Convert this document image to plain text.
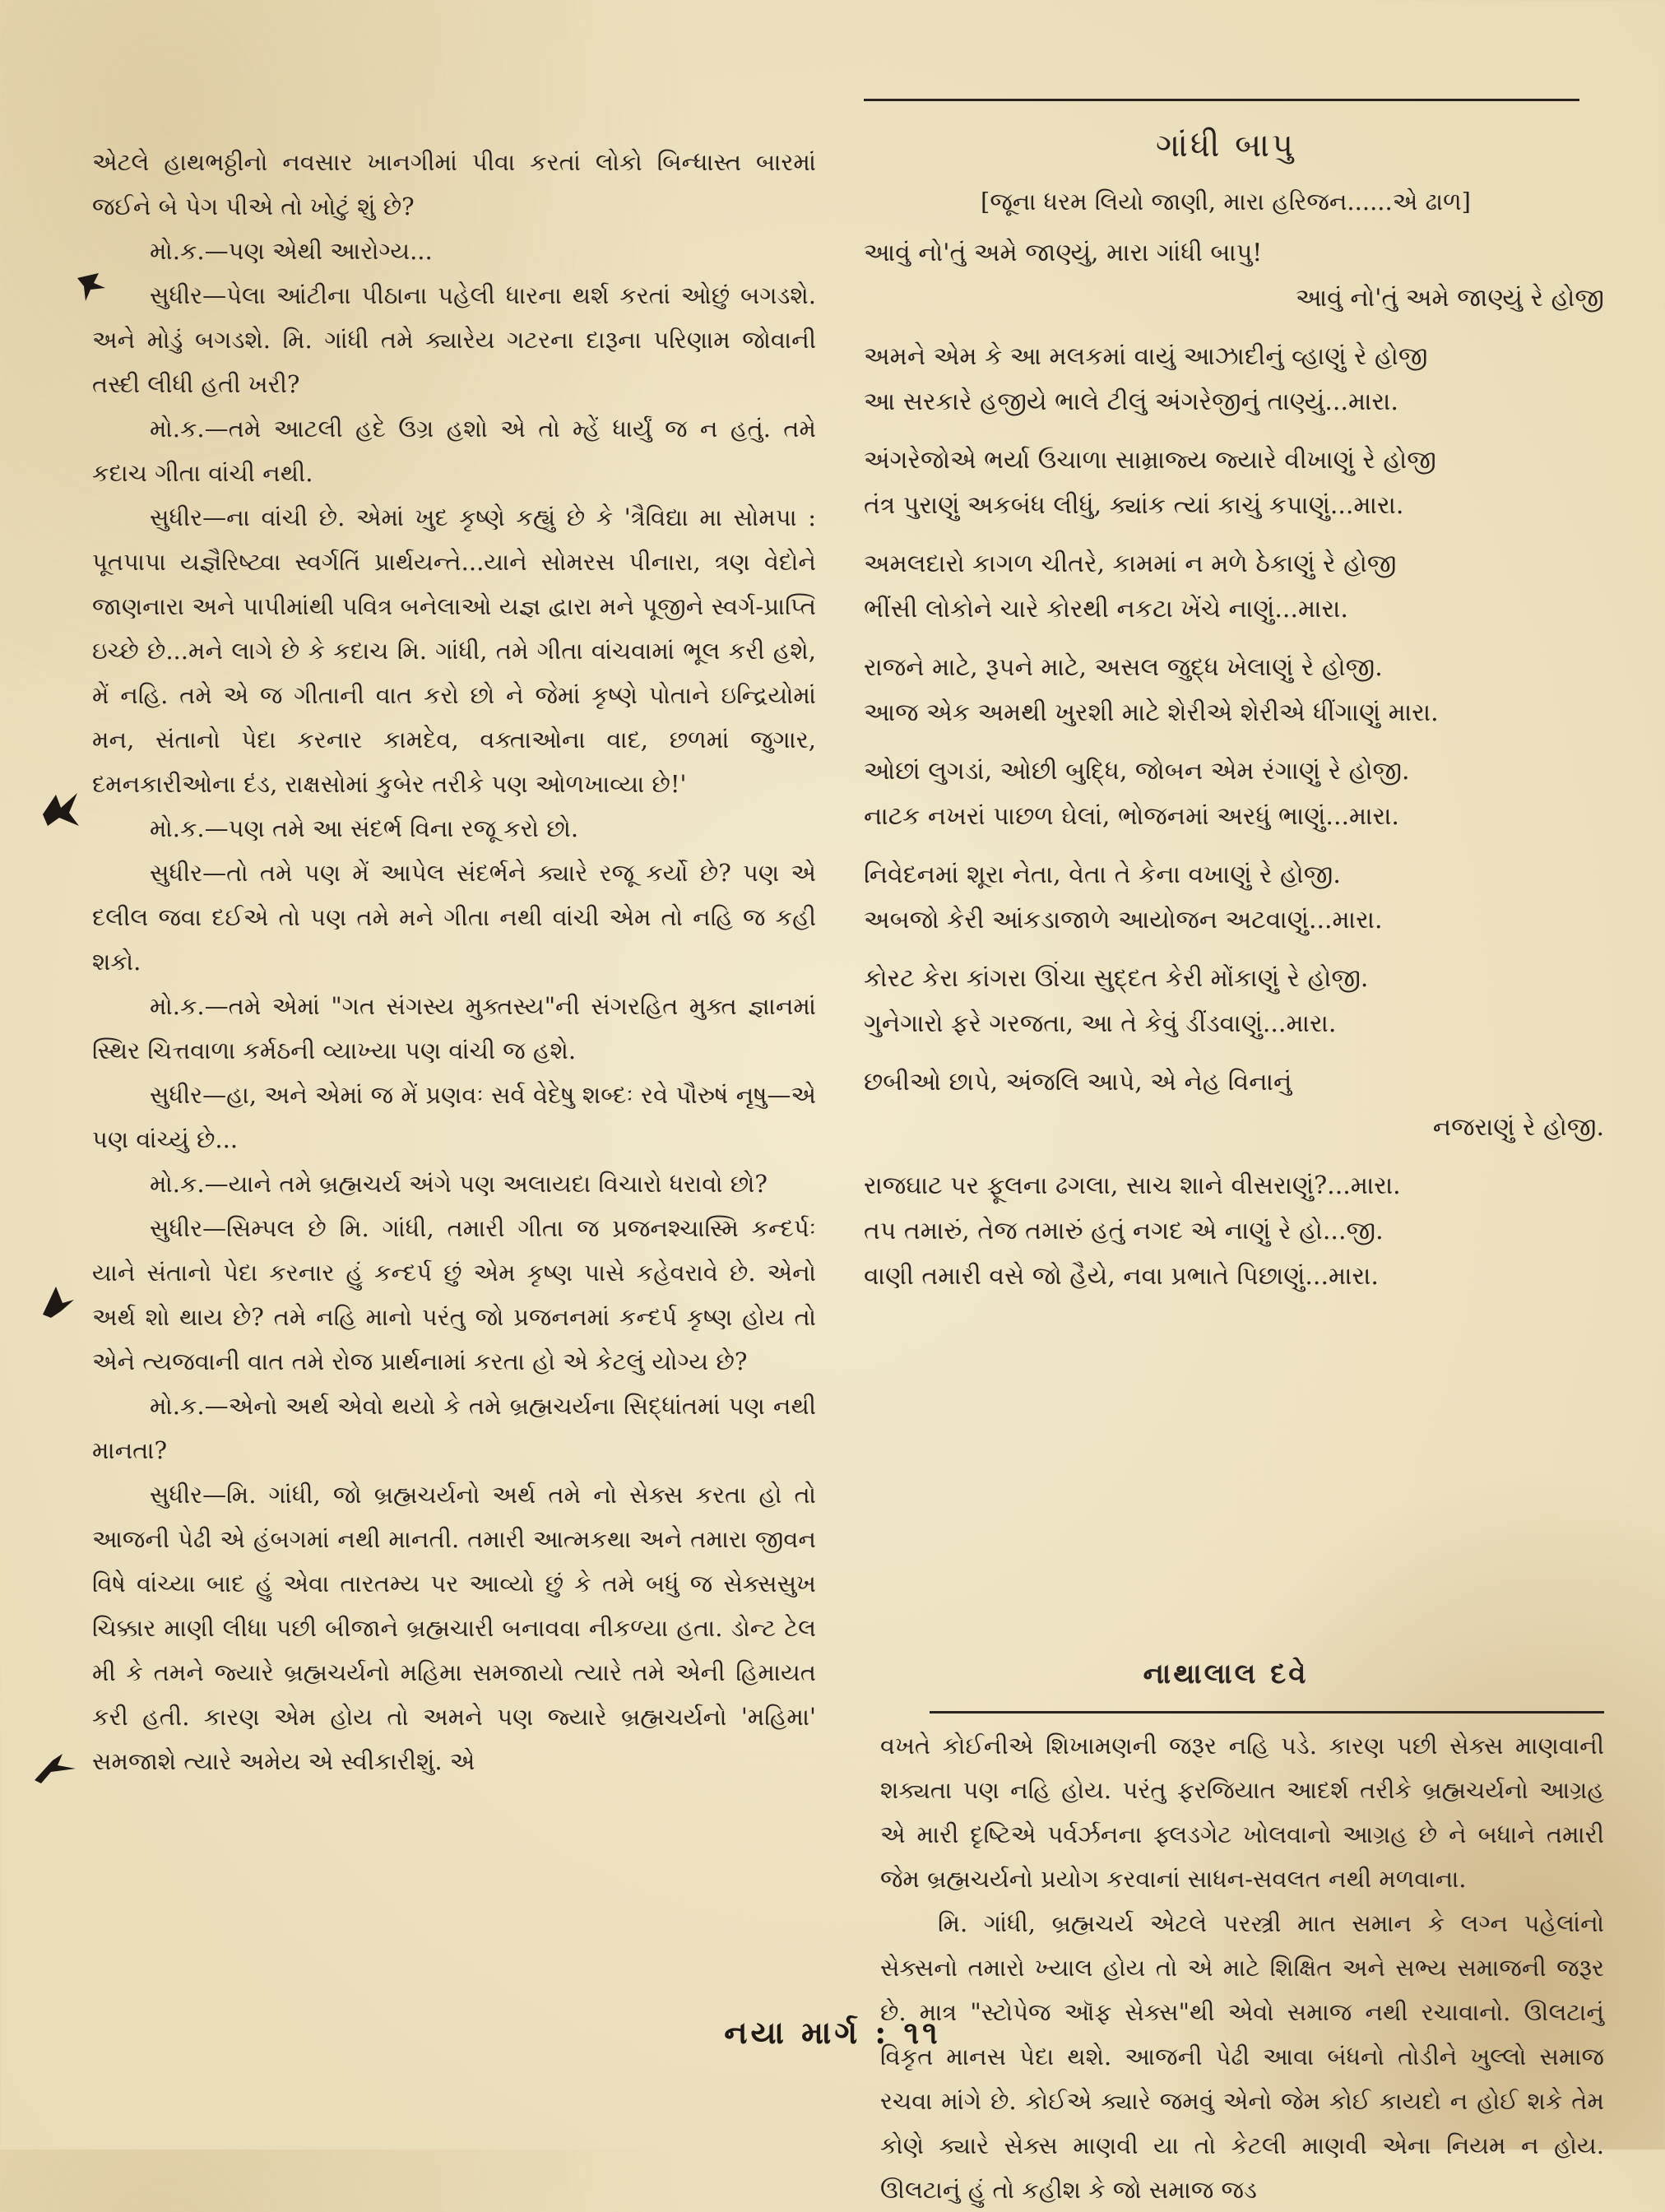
એટલે હાથભઠ્ઠીનો નવસાર ખાનગીમાં પીવા કરતાં લોકો બિન્ધાસ્ત બારમાં જઈને બે પેગ પીએ તો ખોટું શું છે?

મો.ક.—પણ એથી આરોગ્ય...

સુધીર—પેલા આંટીના પીઠાના પહેલી ધારના થર્શ કરતાં ઓછું બગડશે. અને મોડું બગડશે. મિ. ગાંધી તમે ક્યારેય ગટરના દારૂના પરિણામ જોવાની તસ્દી લીધી હતી ખરી?

મો.ક.—તમે આટલી હદે ઉગ્ર હશો એ તો મ્હેં ધાર્યું જ ન હતું. તમે કદાચ ગીતા વાંચી નથી.

સુધીર—ના વાંચી છે. એમાં ખુદ કૃષ્ણે કહ્યું છે કે 'ત્રૈવિદ્યા મા સોમપા : પૂતપાપા યજ્ઞૈરિષ્ટ્વા સ્વર્ગતિં પ્રાર્થયન્તે...યાને સોમરસ પીનારા, ત્રણ વેદોને જાણનારા અને પાપીમાંથી પવિત્ર બનેલાઓ યજ્ઞ દ્વારા મને પૂજીને સ્વર્ગ-પ્રાપ્તિ ઇચ્છે છે...મને લાગે છે કે કદાચ મિ. ગાંધી, તમે ગીતા વાંચવામાં ભૂલ કરી હશે, મેં નહિ. તમે એ જ ગીતાની વાત કરો છો ને જેમાં કૃષ્ણે પોતાને ઇન્દ્રિયોમાં મન, સંતાનો પેદા કરનાર કામદેવ, વક્તાઓના વાદ, છળમાં જુગાર, દમનકારીઓના દંડ, રાક્ષસોમાં કુબેર તરીકે પણ ઓળખાવ્યા છે!'

મો.ક.—પણ તમે આ સંદર્ભ વિના રજૂ કરો છો.

સુધીર—તો તમે પણ મેં આપેલ સંદર્ભને ક્યારે રજૂ કર્યો છે? પણ એ દલીલ જવા દઈએ તો પણ તમે મને ગીતા નથી વાંચી એમ તો નહિ જ કહી શકો.

મો.ક.—તમે એમાં "ગત સંગસ્ય મુક્તસ્ય"ની સંગરહિત મુક્ત જ્ઞાનમાં સ્થિર ચિત્તવાળા કર્મઠની વ્યાખ્યા પણ વાંચી જ હશે.

સુધીર—હા, અને એમાં જ મેં પ્રણવઃ સર્વ વેદેષુ શબ્દઃ રવે પૌરુષં નૃષુ—એ પણ વાંચ્યું છે...

મો.ક.—યાને તમે બ્રહ્મચર્ય અંગે પણ અલાયદા વિચારો ધરાવો છો?

સુધીર—સિમ્પલ છે મિ. ગાંધી, તમારી ગીતા જ પ્રજનશ્ચાસ્મિ કન્દર્પઃ યાને સંતાનો પેદા કરનાર હું કન્દર્પ છું એમ કૃષ્ણ પાસે કહેવરાવે છે. એનો અર્થ શો થાય છે? તમે નહિ માનો પરંતુ જો પ્રજનનમાં કન્દર્પ કૃષ્ણ હોય તો એને ત્યજવાની વાત તમે રોજ પ્રાર્થનામાં કરતા હો એ કેટલું યોગ્ય છે?

મો.ક.—એનો અર્થ એવો થયો કે તમે બ્રહ્મચર્યના સિદ્ધાંતમાં પણ નથી માનતા?

સુધીર—મિ. ગાંધી, જો બ્રહ્મચર્યનો અર્થ તમે નો સેક્સ કરતા હો તો આજની પેઢી એ હંબગમાં નથી માનતી. તમારી આત્મકથા અને તમારા જીવન વિષે વાંચ્યા બાદ હું એવા તારતમ્ય પર આવ્યો છું કે તમે બધું જ સેક્સસુખ ચિક્કાર માણી લીધા પછી બીજાને બ્રહ્મચારી બનાવવા નીકળ્યા હતા. ડોન્ટ ટેલ મી કે તમને જ્યારે બ્રહ્મચર્યનો મહિમા સમજાયો ત્યારે તમે એની હિમાયત કરી હતી. કારણ એમ હોય તો અમને પણ જ્યારે બ્રહ્મચર્યનો 'મહિમા' સમજાશે ત્યારે અમેય એ સ્વીકારીશું. એ

ગાંધી બાપુ
[જૂના ધરમ લિયો જાણી, મારા હરિજન......એ ઢાળ]
આવું નો'તું અમે જાણ્યું, મારા ગાંધી બાપુ!
આવું નો'તું અમે જાણ્યું રે હોજી
અમને એમ કે આ મલકમાં વાયું આઝાદીનું વ્હાણું રે હોજી
આ સરકારે હજીયે ભાલે ટીલું અંગરેજીનું તાણ્યું...મારા.
અંગરેજોએ ભર્યા ઉચાળા સામ્રાજ્ય જ્યારે વીખાણું રે હોજી
તંત્ર પુરાણું અકબંધ લીધું, ક્યાંક ત્યાં કાચું કપાણું...મારા.
અમલદારો કાગળ ચીતરે, કામમાં ન મળે ઠેકાણું રે હોજી
ભીંસી લોકોને ચારે કોરથી નકટા ખેંચે નાણું...મારા.
રાજને માટે, રૂપને માટે, અસલ જુદ્ધ ખેલાણું રે હોજી.
આજ એક અમથી ખુરશી માટે શેરીએ શેરીએ ધીંગાણું મારા.
ઓછાં લુગડાં, ઓછી બુદ્ધિ, જોબન એમ રંગાણું રે હોજી.
નાટક નખરાં પાછળ ઘેલાં, ભોજનમાં અરધું ભાણું...મારા.
નિવેદનમાં શૂરા નેતા, વેતા તે કેના વખાણું રે હોજી.
અબજો કેરી આંકડાજાળે આયોજન અટવાણું...મારા.
કોરટ કેરા કાંગરા ઊંચા સુદ્દત કેરી મોંકાણું રે હોજી.
ગુનેગારો ફરે ગરજતા, આ તે કેવું ડીંડવાણું...મારા.
છબીઓ છાપે, અંજલિ આપે, એ નેહ વિનાનું
નજરાણું રે હોજી.
રાજઘાટ પર ફૂલના ઢગલા, સાચ શાને વીસરાણું?...મારા.
તપ તમારું, તેજ તમારું હતું નગદ એ નાણું રે હો...જી.
વાણી તમારી વસે જો હૈયે, નવા પ્રભાતે પિછાણું...મારા.
નાથાલાલ દવે

વખતે કોઈનીએ શિખામણની જરૂર નહિ પડે. કારણ પછી સેક્સ માણવાની શક્યતા પણ નહિ હોય. પરંતુ ફરજિયાત આદર્શ તરીકે બ્રહ્મચર્યનો આગ્રહ એ મારી દૃષ્ટિએ પર્વર્ઝનના ફ્લડગેટ ખોલવાનો આગ્રહ છે ને બધાને તમારી જેમ બ્રહ્મચર્યનો પ્રયોગ કરવાનાં સાધન-સવલત નથી મળવાના.

મિ. ગાંધી, બ્રહ્મચર્ય એટલે પરસ્ત્રી માત સમાન કે લગ્ન પહેલાંનો સેક્સનો તમારો ખ્યાલ હોય તો એ માટે શિક્ષિત અને સભ્ય સમાજની જરૂર છે. માત્ર "સ્ટોપેજ ઑફ સેક્સ"થી એવો સમાજ નથી રચાવાનો. ઊલટાનું વિકૃત માનસ પેદા થશે. આજની પેઢી આવા બંધનો તોડીને ખુલ્લો સમાજ રચવા માંગે છે. કોઈએ ક્યારે જમવું એનો જેમ કોઈ કાયદો ન હોઈ શકે તેમ કોણે ક્યારે સેક્સ માણવી યા તો કેટલી માણવી એના નિયમ ન હોય. ઊલટાનું હું તો કહીશ કે જો સમાજ જડ

નયા માર્ગ : ૧૧
